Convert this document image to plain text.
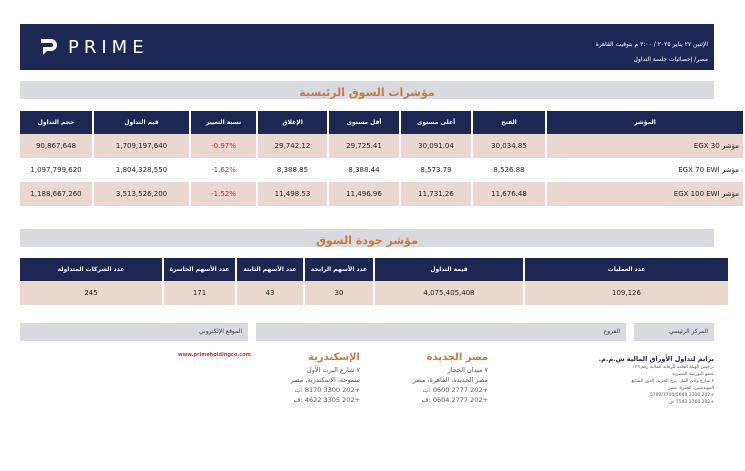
PRIME	الإثنين ٢٧ يناير ٢٠٢٥ / ٣:٠٠ م بتوقيت القاهرة
مصر/ إحصائيات جلسة التداول
مؤشرات السوق الرئيسية
حجم التداول	قيم التداول	نسبة التغيير	الإغلاق	أقل مستوى	أعلى مستوى	الفتح	المؤشر
90,867,648	1,709,197,640	-0.97%	29,742.12	29,725.41	30,091.04	30,034.85	مؤشر EGX 30
1,097,799,620	1,804,328,550	-1.62%	8,388.85	8,388.44	8,573.79	8,526.88	مؤشر EGX 70 EWI
1,188,667,260	3,513,526,200	-1.52%	11,498.53	11,496.96	11,731.26	11,676.48	مؤشر EGX 100 EWI
مؤشر جودة السوق
عدد الشركات المتداولة	عدد الأسهم الخاسرة	عدد الأسهم الثابتة	عدد الأسهم الرابحة	قيمة التداول	عدد العمليات
245	171	43	30	4,075,405,408	109,126
الموقع الإلكتروني	الفروع	المركز الرئيسي
www.primeholdingco.com	الإسكندرية
٧ شارع البرت الأول
سموحة، الإسكندرية، مصر
+202 3300 8170 :ت
+202 3305 4622 :ف
مصر الجديدة
٧ ميدان الحجاز
مصر الجديدة، القاهرة، مصر
+202 2777 0600 :ت
+202 2777 0604 :ف
برايم لتداول الأوراق المالية ش.م.م.
ترخيص الهيئة العامة للرقابة المالية رقم ١٢٩
عضو البورصة المصرية
٢ شارع وادي النيل، برج الحرية، الدور السابع،
المهندسين، الجيزة، مصر
+202 3300 5700/7700/5649
+202 3760 7543 :ف
